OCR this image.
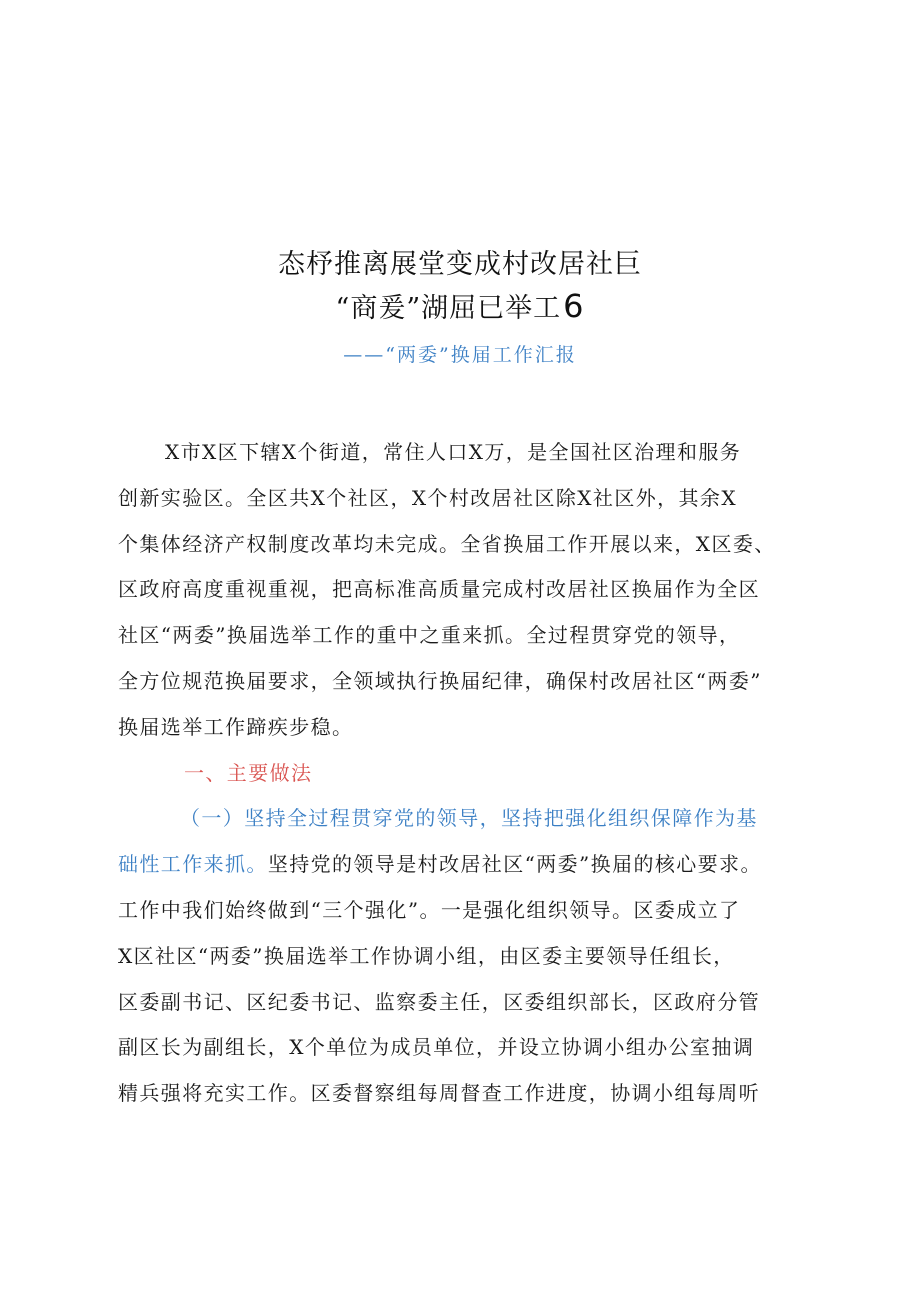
态杼推离展堂变成村改居社巨
“商爰”湖屈已举工6
——“两委”换届工作汇报
X市X区下辖X个街道，常住人口X万，是全国社区治理和服务
创新实验区。全区共X个社区，X个村改居社区除X社区外，其余X
个集体经济产权制度改革均未完成。全省换届工作开展以来，X区委、
区政府高度重视重视，把高标准高质量完成村改居社区换届作为全区
社区“两委”换届选举工作的重中之重来抓。全过程贯穿党的领导，
全方位规范换届要求，全领域执行换届纪律，确保村改居社区“两委”
换届选举工作蹄疾步稳。
一、主要做法
（一）坚持全过程贯穿党的领导，坚持把强化组织保障作为基
础性工作来抓。坚持党的领导是村改居社区“两委”换届的核心要求。
工作中我们始终做到“三个强化”。一是强化组织领导。区委成立了
X区社区“两委”换届选举工作协调小组，由区委主要领导任组长，
区委副书记、区纪委书记、监察委主任，区委组织部长，区政府分管
副区长为副组长，X个单位为成员单位，并设立协调小组办公室抽调
精兵强将充实工作。区委督察组每周督查工作进度，协调小组每周听
